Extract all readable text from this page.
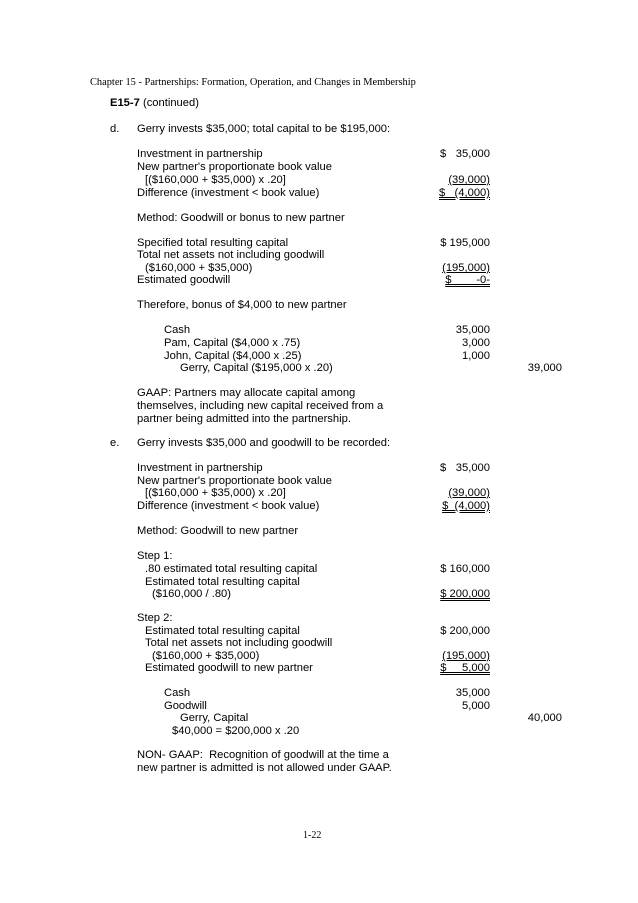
Chapter 15 - Partnerships: Formation, Operation, and Changes in Membership
E15-7 (continued)
d. Gerry invests $35,000; total capital to be $195,000:
Investment in partnership	$ 35,000
New partner's proportionate book value
[($160,000 + $35,000) x .20]	(39,000)
Difference (investment < book value)	$   (4,000)
Method: Goodwill or bonus to new partner
Specified total resulting capital	$ 195,000
Total net assets not including goodwill
($160,000 + $35,000)	(195,000)
Estimated goodwill	$        -0-
Therefore, bonus of $4,000 to new partner
Cash	35,000
Pam, Capital ($4,000 x .75)	3,000
John, Capital ($4,000 x .25)	1,000
Gerry, Capital ($195,000 x .20)	39,000
GAAP: Partners may allocate capital among
themselves, including new capital received from a
partner being admitted into the partnership.
e. Gerry invests $35,000 and goodwill to be recorded:
Investment in partnership	$ 35,000
New partner's proportionate book value
[($160,000 + $35,000) x .20]	(39,000)
Difference (investment < book value)	$  (4,000)
Method: Goodwill to new partner
Step 1:
.80 estimated total resulting capital	$ 160,000
Estimated total resulting capital
($160,000 / .80)	$ 200,000
Step 2:
Estimated total resulting capital	$ 200,000
Total net assets not including goodwill
($160,000 + $35,000)	(195,000)
Estimated goodwill to new partner	$     5,000
Cash	35,000
Goodwill	5,000
Gerry, Capital	40,000
$40,000 = $200,000 x .20
NON- GAAP:  Recognition of goodwill at the time a
new partner is admitted is not allowed under GAAP.
1-22
